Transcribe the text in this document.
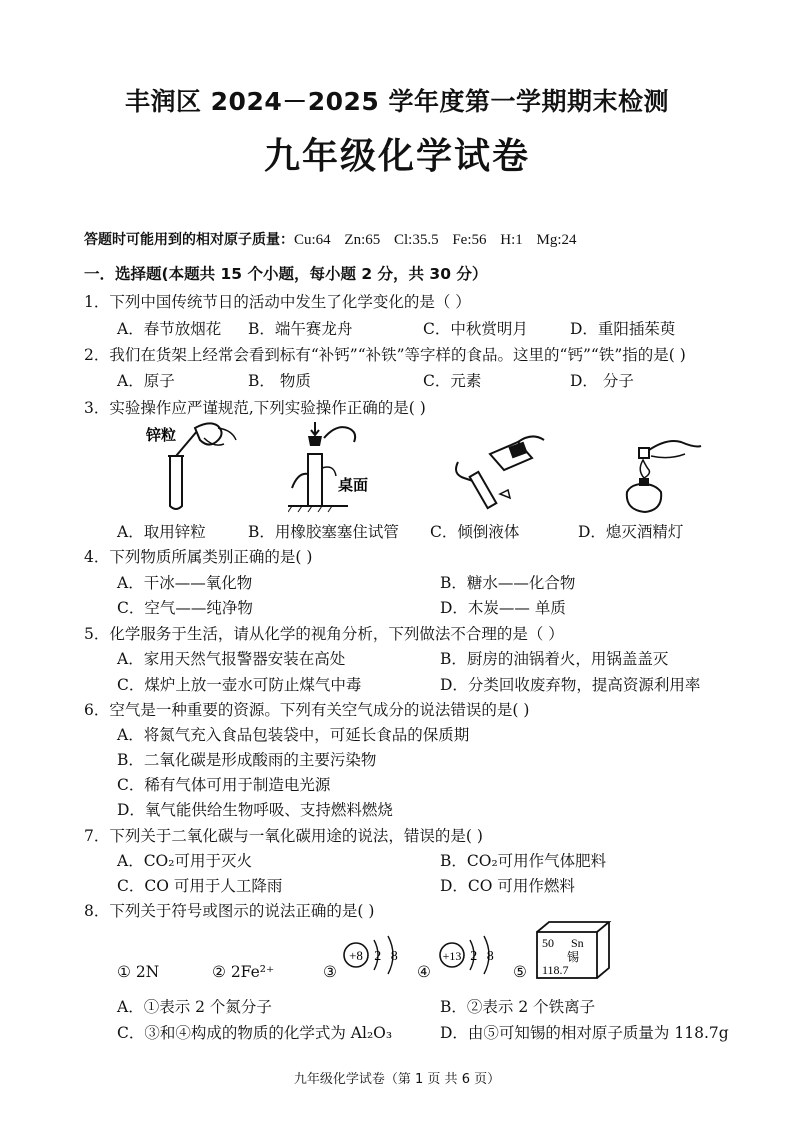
丰润区 2024－2025 学年度第一学期期末检测
九年级化学试卷
答题时可能用到的相对原子质量：Cu:64 Zn:65 Cl:35.5 Fe:56 H:1 Mg:24
一．选择题(本题共 15 个小题，每小题 2 分，共 30 分）
1．下列中国传统节日的活动中发生了化学变化的是（ ）
A．春节放烟花 B．端午赛龙舟	C．中秋赏明月	D．重阳插茱萸
2．我们在货架上经常会看到标有“补钙”“补铁”等字样的食品。这里的“钙”“铁”指的是( )
A．原子	B． 物质	C．元素	D． 分子
3．实验操作应严谨规范,下列实验操作正确的是( )
锌粒
桌面
A．取用锌粒	B．用橡胶塞塞住试管 C．倾倒液体	D．熄灭酒精灯
4．下列物质所属类别正确的是( )
A．干冰——氧化物	B．糖水——化合物
C．空气——纯净物	D．木炭—— 单质
5．化学服务于生活，请从化学的视角分析，下列做法不合理的是（ ）
A．家用天然气报警器安装在高处	B．厨房的油锅着火，用锅盖盖灭
C．煤炉上放一壶水可防止煤气中毒	D．分类回收废弃物，提高资源利用率
6．空气是一种重要的资源。下列有关空气成分的说法错误的是( )
A．将氮气充入食品包装袋中，可延长食品的保质期
B．二氧化碳是形成酸雨的主要污染物
C．稀有气体可用于制造电光源
D．氧气能供给生物呼吸、支持燃料燃烧
7．下列关于二氧化碳与一氧化碳用途的说法，错误的是( )
A．CO₂可用于灭火	B．CO₂可用作气体肥料
C．CO 可用于人工降雨	D．CO 可用作燃料
8．下列关于符号或图示的说法正确的是( )
① 2N	② 2Fe²⁺	③	④	⑤
+8 2 8	+13 2 8
50 Sn
锡
118.7
A．①表示 2 个氮分子	B．②表示 2 个铁离子
C．③和④构成的物质的化学式为 Al₂O₃	D．由⑤可知锡的相对原子质量为 118.7g
九年级化学试卷（第 1 页 共 6 页）
